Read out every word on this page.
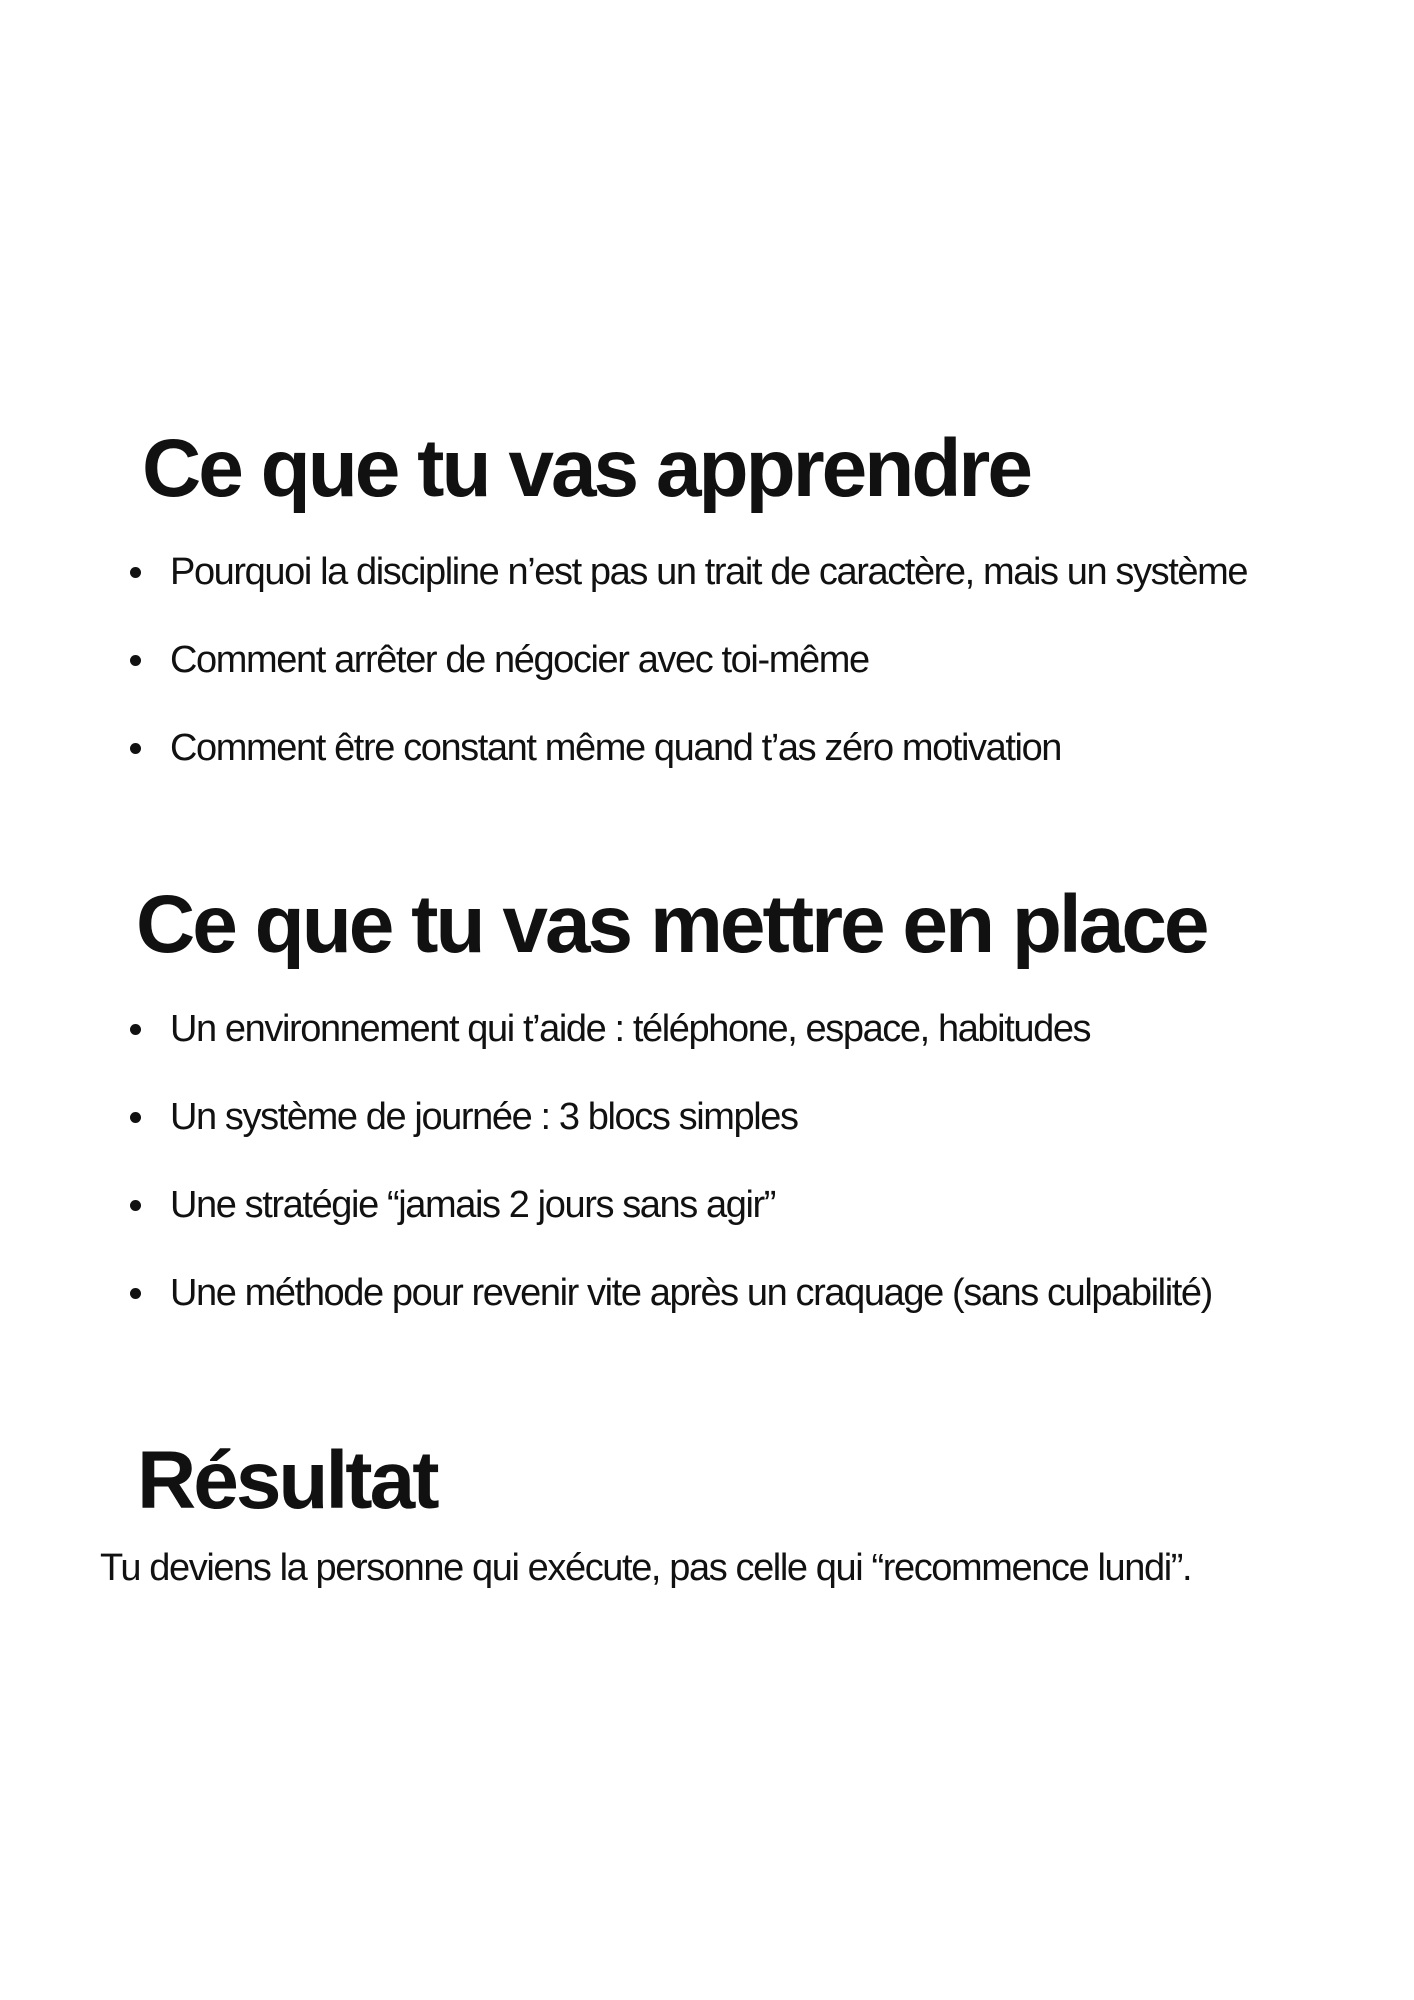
Ce que tu vas apprendre
Pourquoi la discipline n’est pas un trait de caractère, mais un système
Comment arrêter de négocier avec toi-même
Comment être constant même quand t’as zéro motivation
Ce que tu vas mettre en place
Un environnement qui t’aide : téléphone, espace, habitudes
Un système de journée : 3 blocs simples
Une stratégie “jamais 2 jours sans agir”
Une méthode pour revenir vite après un craquage (sans culpabilité)
Résultat

Tu deviens la personne qui exécute, pas celle qui “recommence lundi”.
